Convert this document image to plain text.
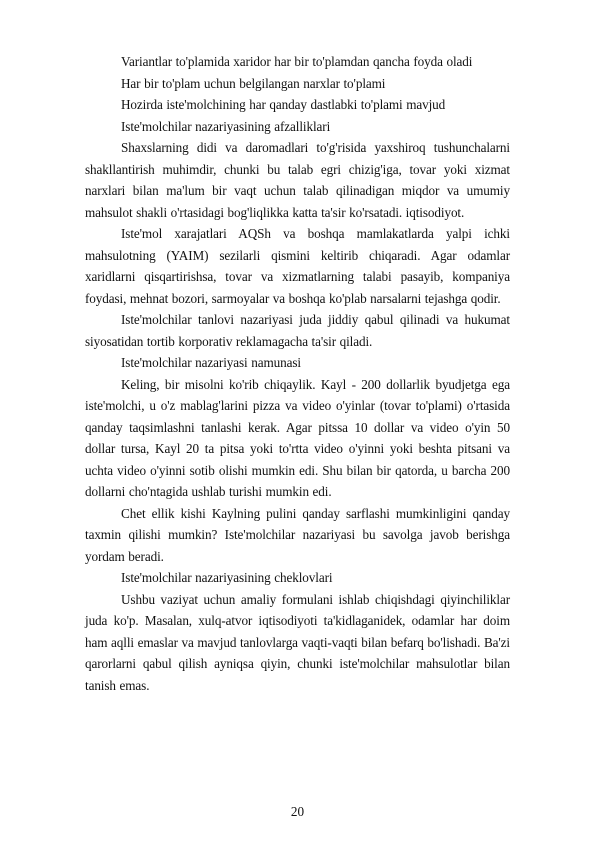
Variantlar to'plamida xaridor har bir to'plamdan qancha foyda oladi

Har bir to'plam uchun belgilangan narxlar to'plami

Hozirda iste'molchining har qanday dastlabki to'plami mavjud

Iste'molchilar nazariyasining afzalliklari

Shaxslarning didi va daromadlari to'g'risida yaxshiroq tushunchalarni shakllantirish muhimdir, chunki bu talab egri chizig'iga, tovar yoki xizmat narxlari bilan ma'lum bir vaqt uchun talab qilinadigan miqdor va umumiy mahsulot shakli o'rtasidagi bog'liqlikka katta ta'sir ko'rsatadi. iqtisodiyot.

Iste'mol xarajatlari AQSh va boshqa mamlakatlarda yalpi ichki mahsulotning (YAIM) sezilarli qismini keltirib chiqaradi. Agar odamlar xaridlarni qisqartirishsa, tovar va xizmatlarning talabi pasayib, kompaniya foydasi, mehnat bozori, sarmoyalar va boshqa ko'plab narsalarni tejashga qodir.

Iste'molchilar tanlovi nazariyasi juda jiddiy qabul qilinadi va hukumat siyosatidan tortib korporativ reklamagacha ta'sir qiladi.

Iste'molchilar nazariyasi namunasi

Keling, bir misolni ko'rib chiqaylik. Kayl - 200 dollarlik byudjetga ega iste'molchi, u o'z mablag'larini pizza va video o'yinlar (tovar to'plami) o'rtasida qanday taqsimlashni tanlashi kerak. Agar pitssa 10 dollar va video o'yin 50 dollar tursa, Kayl 20 ta pitsa yoki to'rtta video o'yinni yoki beshta pitsani va uchta video o'yinni sotib olishi mumkin edi. Shu bilan bir qatorda, u barcha 200 dollarni cho'ntagida ushlab turishi mumkin edi.

Chet ellik kishi Kaylning pulini qanday sarflashi mumkinligini qanday taxmin qilishi mumkin? Iste'molchilar nazariyasi bu savolga javob berishga yordam beradi.

Iste'molchilar nazariyasining cheklovlari

Ushbu vaziyat uchun amaliy formulani ishlab chiqishdagi qiyinchiliklar juda ko'p. Masalan, xulq-atvor iqtisodiyoti ta'kidlaganidek, odamlar har doim ham aqlli emaslar va mavjud tanlovlarga vaqti-vaqti bilan befarq bo'lishadi. Ba'zi qarorlarni qabul qilish ayniqsa qiyin, chunki iste'molchilar mahsulotlar bilan tanish emas.

20
